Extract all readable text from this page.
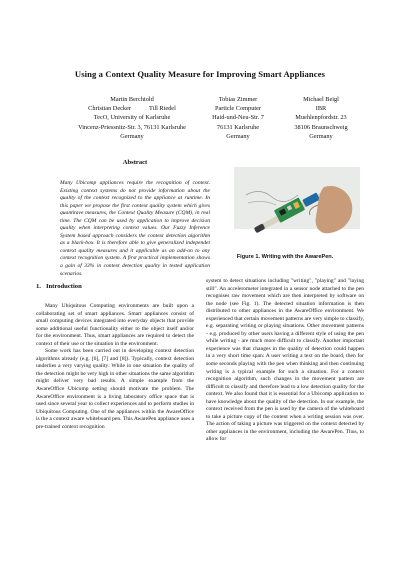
Using a Context Quality Measure for Improving Smart Appliances
Martin Berchtold
Christian Decker	Till Riedel
TecO, University of Karlsruhe
Vincenz-Priessnitz-Str. 3, 76131 Karlsruhe
Germany
Tobias Zimmer
Particle Computer
Haid-und-Neu-Str. 7
76131 Karlsruhe
Germany
Michael Beigl
IBR
Muehlenpfordstr. 23
38106 Braunschweig
Germany
Abstract
Many Ubicomp appliances require the recognition of context. Existing context systems do not provide information about the quality of the context recognized to the appliance at runtime. In this paper we propose the first context quality system which gives quantitave measures, the Context Quality Measure (CQM), in real time. The CQM can be used by application to improve decision quality when interpreting context values. Our Fuzzy Inference System based approach considers the context detection algorithm as a black-box. It is therefore able to give generalized independet context quality measures and it applicable as an add-on to any context recognition system. A first practical implementation shows a gain of 33% in context detection quality in tested application scenarios.
1. Introduction

Many Ubiquitous Computing environments are built upon a collaborating set of smart appliances. Smart appliances consist of small computing devices integrated into everyday objects that provide some additional useful functionality either to the object itself and/or for the environment. Thus, smart appliances are required to detect the context of their use or the situation in the environment.

Some work has been carried out in developing context detection algorithms already (e.g. [6], [7] and [8]). Typically, context detection underlies a very varying quality: While in one situation the quality of the detection might be very high in other situations the same algorithm might deliver very bad results. A simple example from the AwareOffice Ubicomp setting should motivate the problem. The AwareOffice environment is a living laboratory office space that is used since several year to collect experiences and to perform studies in Ubiquitous Computing. One of the appliances within the AwareOffice is the a context aware whiteboard pen. This AwarePen appliance uses a pre-trained context recognition

Figure 1. Writing with the AwarePen.
system to detect situations including "writing", "playing" and "laying still". An accelerometer integrated in a sensor node attached to the pen recognises raw movement which are then interpreted by software on the node (see Fig. 1). The detected situation information is then distributed to other appliances in the AwareOffice environment. We experienced that certain movement patterns are very simple to classify, e.g. separating writing or playing situations. Other movement patterns - e.g. produced by other users having a different style of using the pen while writing - are much more difficult to classify. Another important experience was that changes in the quality of detection could happen in a very short time span: A user writing a text on the board, then for some seconds playing with the pen when thinking and then continuing writing is a typical example for such a situation. For a context recognition algorithm, such changes in the movement pattern are difficult to classify and therefore lead to a low detection quality for the context. We also found that it is essential for a Ubicomp application to have knowledge about the quality of the detection. In our example, the context received from the pen is used by the camera of the whiteboard to take a picture copy of the content when a writing session was over. The action of taking a picture was triggered on the context detected by other appliances in the environment, including the AwarePen. Thus, to allow for
